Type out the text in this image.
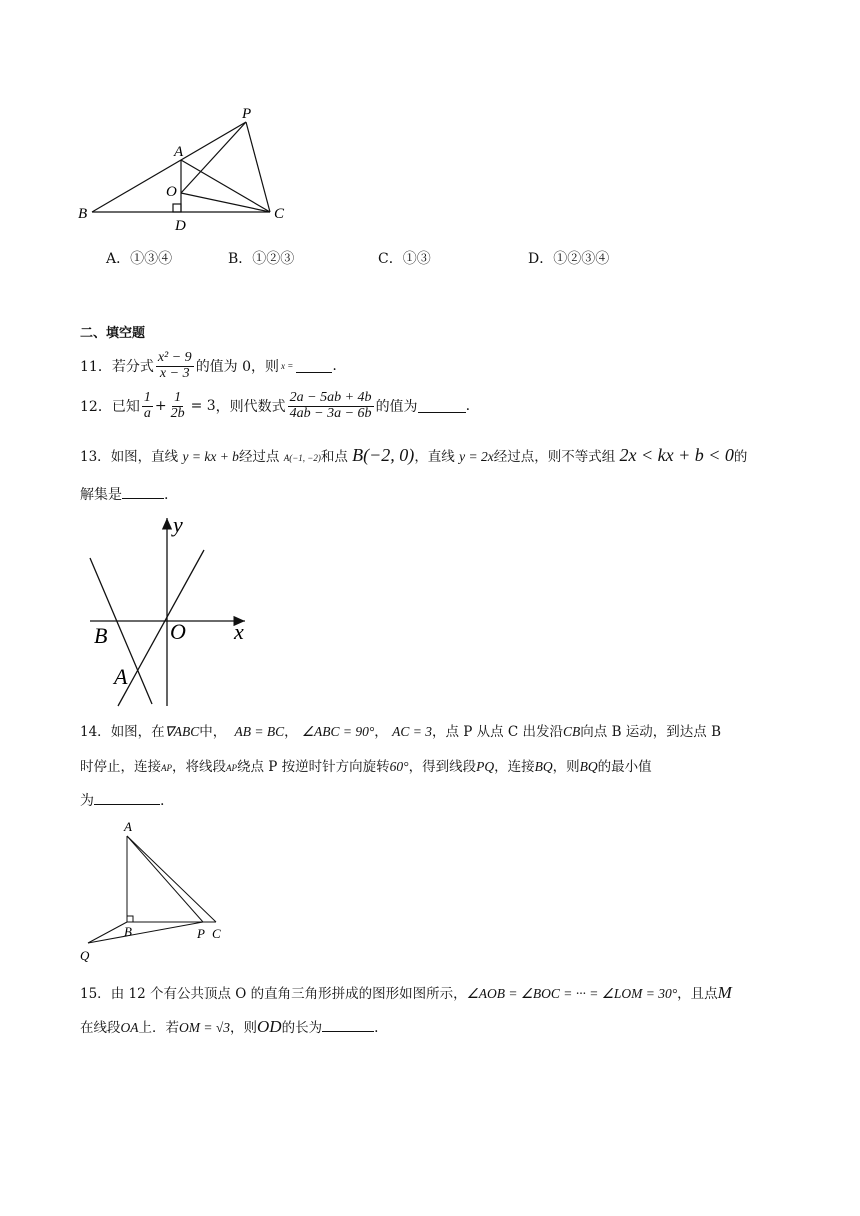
P
A
O
B	C
D
A．①③④	B．①②③	C．①③	D．①②③④
二、填空题
11． 若分式 $\frac{\text{x² − 9}}{x - 3}$ 的值为 0，则 x =	.
12． 已知 $\frac{1}{a} + \frac{1}{2b} = 3$ ，则代数式 $\frac{2a - 5ab + 4b}{4ab - 3a - 6b}$ 的值为	.
13．如图，直线 y = kx + b经过点 A(−1, −2)和点 B(−2, 0)，直线 y = 2x经过点，则不等式组 2x < kx + b < 0的
解集是	.
y
x
B	O
A
14．如图，在∇ABC中， AB = BC， ∠ABC = 90°， AC = 3，点 P 从点 C 出发沿CB向点 B 运动，到达点 B
时停止，连接AP，将线段AP绕点 P 按逆时针方向旋转60°，得到线段PQ，连接BQ，则BQ的最小值
为	.
A
B	P C
Q
15．由 12 个有公共顶点 O 的直角三角形拼成的图形如图所示，∠AOB = ∠BOC = ··· = ∠LOM = 30°，且点M
在线段OA上．若OM = √3，则OD的长为	.
